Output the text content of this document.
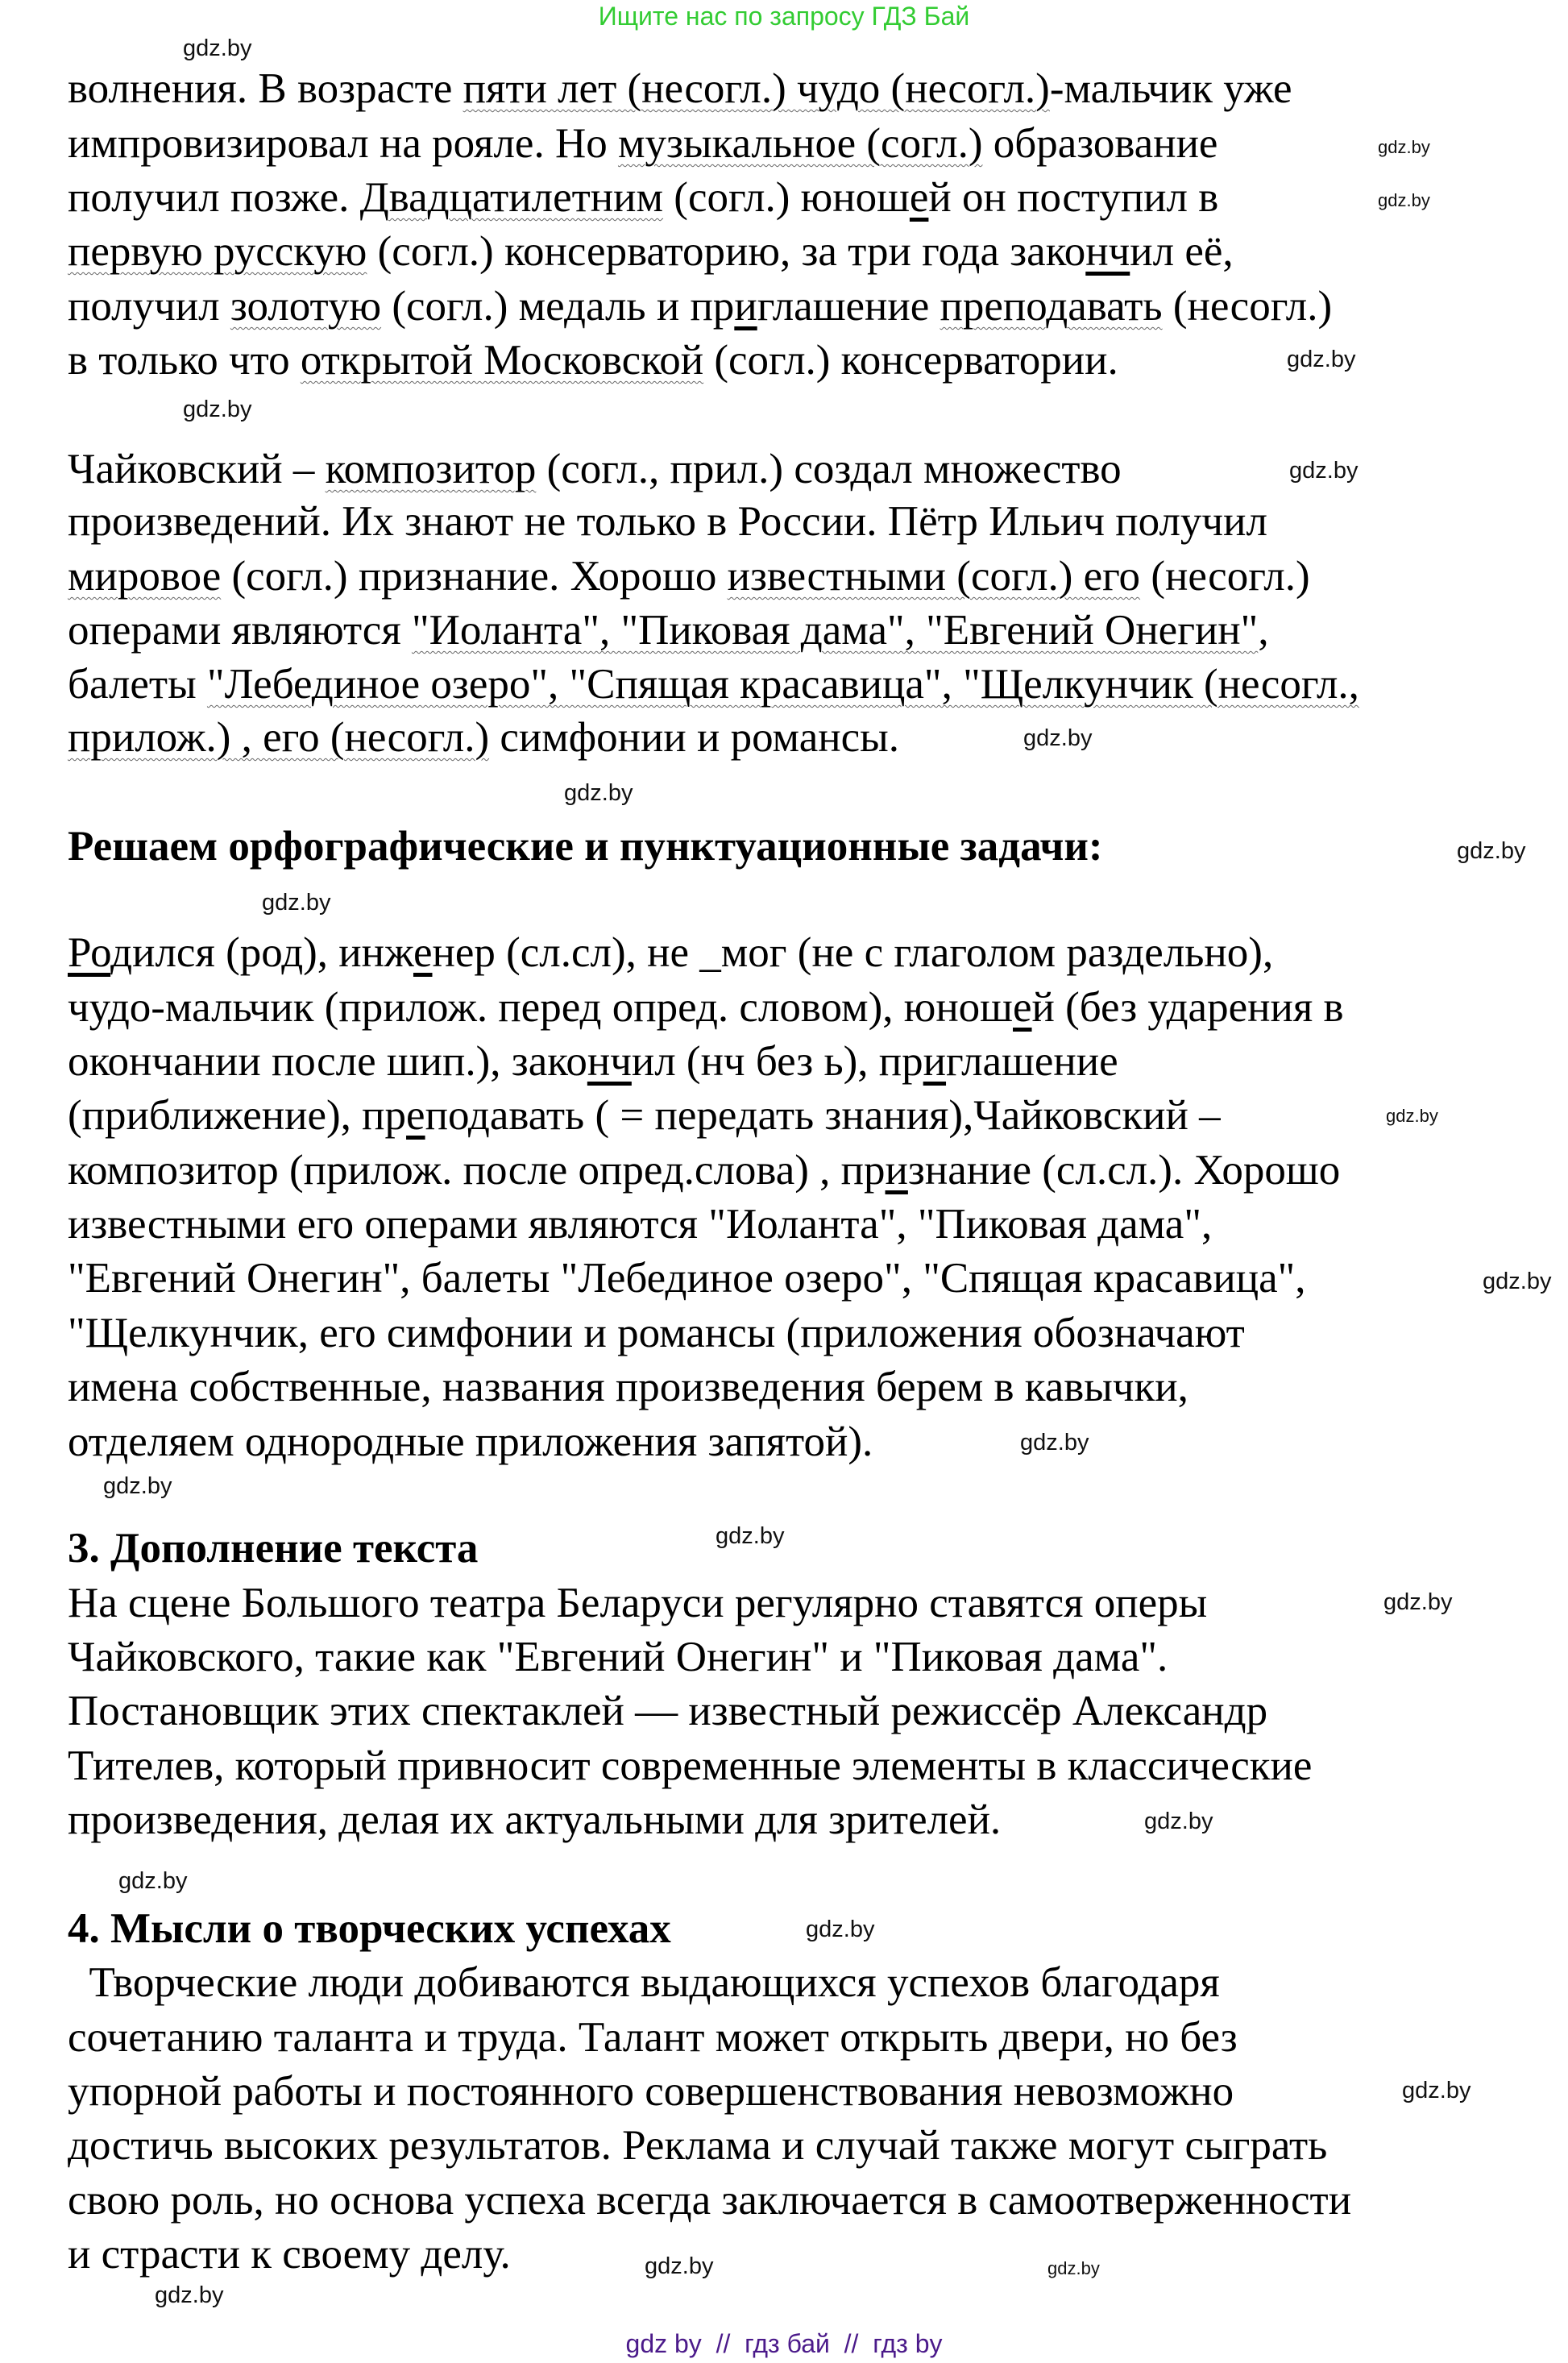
Ищите нас по запросу ГДЗ Бай
волнения. В возрасте пяти лет (несогл.) чудо (несогл.)-мальчик уже
импровизировал на рояле. Но музыкальное (согл.) образование
получил позже. Двадцатилетним (согл.) юношей он поступил в
первую русскую (согл.) консерваторию, за три года закончил её,
получил золотую (согл.) медаль и приглашение преподавать (несогл.)
в только что открытой Московской (согл.) консерватории.
Чайковский – композитор (согл., прил.) создал множество
произведений. Их знают не только в России. Пётр Ильич получил
мировое (согл.) признание. Хорошо известными (согл.) его (несогл.)
операми являются "Иоланта", "Пиковая дама", "Евгений Онегин",
балеты "Лебединое озеро", "Спящая красавица", "Щелкунчик (несогл.,
прилож.) , его (несогл.) симфонии и романсы.
Решаем орфографические и пунктуационные задачи:
Родился (род), инженер (сл.сл), не _мог (не с глаголом раздельно),
чудо-мальчик (прилож. перед опред. словом), юношей (без ударения в
окончании после шип.), закончил (нч без ь), приглашение
(приближение), преподавать ( = передать знания),Чайковский –
композитор (прилож. после опред.слова) , признание (сл.сл.). Хорошо
известными его операми являются "Иоланта", "Пиковая дама",
"Евгений Онегин", балеты "Лебединое озеро", "Спящая красавица",
"Щелкунчик, его симфонии и романсы (приложения обозначают
имена собственные, названия произведения берем в кавычки,
отделяем однородные приложения запятой).
3. Дополнение текста
На сцене Большого театра Беларуси регулярно ставятся оперы
Чайковского, такие как "Евгений Онегин" и "Пиковая дама".
Постановщик этих спектаклей — известный режиссёр Александр
Тителев, который привносит современные элементы в классические
произведения, делая их актуальными для зрителей.
4. Мысли о творческих успехах
Творческие люди добиваются выдающихся успехов благодаря
сочетанию таланта и труда. Талант может открыть двери, но без
упорной работы и постоянного совершенствования невозможно
достичь высоких результатов. Реклама и случай также могут сыграть
свою роль, но основа успеха всегда заключается в самоотверженности
и страсти к своему делу.
gdz by  //  гдз бай  //  гдз by
gdz.by
gdz.by
gdz.by
gdz.by
gdz.by
gdz.by
gdz.by
gdz.by
gdz.by
gdz.by
gdz.by
gdz.by
gdz.by
gdz.by
gdz.by
gdz.by
gdz.by
gdz.by
gdz.by
gdz.by
gdz.by
gdz.by
gdz.by
